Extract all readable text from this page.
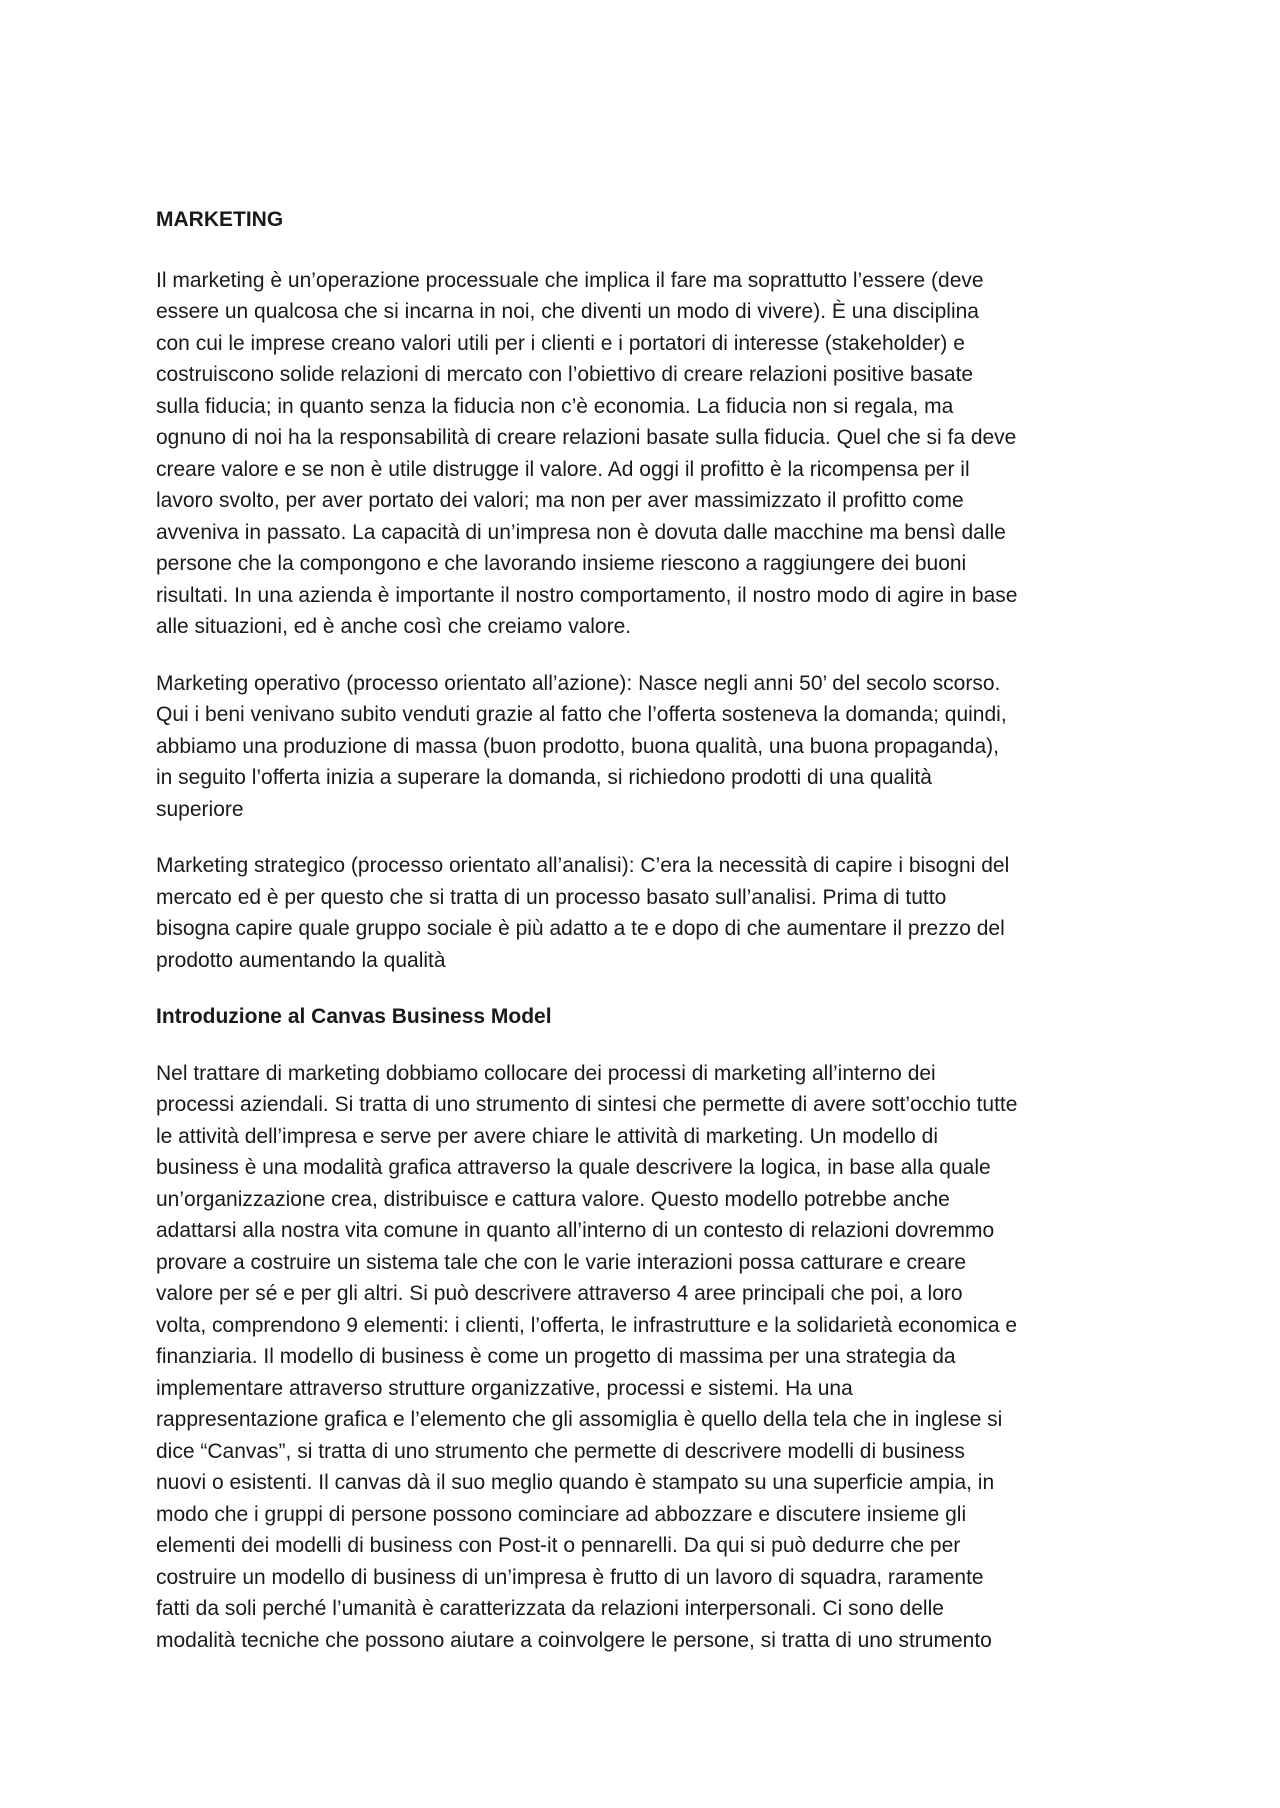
MARKETING
Il marketing è un’operazione processuale che implica il fare ma soprattutto l’essere (deve
essere un qualcosa che si incarna in noi, che diventi un modo di vivere). È una disciplina
con cui le imprese creano valori utili per i clienti e i portatori di interesse (stakeholder) e
costruiscono solide relazioni di mercato con l’obiettivo di creare relazioni positive basate
sulla fiducia; in quanto senza la fiducia non c’è economia. La fiducia non si regala, ma
ognuno di noi ha la responsabilità di creare relazioni basate sulla fiducia. Quel che si fa deve
creare valore e se non è utile distrugge il valore. Ad oggi il profitto è la ricompensa per il
lavoro svolto, per aver portato dei valori; ma non per aver massimizzato il profitto come
avveniva in passato. La capacità di un’impresa non è dovuta dalle macchine ma bensì dalle
persone che la compongono e che lavorando insieme riescono a raggiungere dei buoni
risultati. In una azienda è importante il nostro comportamento, il nostro modo di agire in base
alle situazioni, ed è anche così che creiamo valore.
Marketing operativo (processo orientato all’azione): Nasce negli anni 50’ del secolo scorso.
Qui i beni venivano subito venduti grazie al fatto che l’offerta sosteneva la domanda; quindi,
abbiamo una produzione di massa (buon prodotto, buona qualità, una buona propaganda),
in seguito l’offerta inizia a superare la domanda, si richiedono prodotti di una qualità
superiore
Marketing strategico (processo orientato all’analisi): C’era la necessità di capire i bisogni del
mercato ed è per questo che si tratta di un processo basato sull’analisi. Prima di tutto
bisogna capire quale gruppo sociale è più adatto a te e dopo di che aumentare il prezzo del
prodotto aumentando la qualità
Introduzione al Canvas Business Model
Nel trattare di marketing dobbiamo collocare dei processi di marketing all’interno dei
processi aziendali. Si tratta di uno strumento di sintesi che permette di avere sott’occhio tutte
le attività dell’impresa e serve per avere chiare le attività di marketing. Un modello di
business è una modalità grafica attraverso la quale descrivere la logica, in base alla quale
un’organizzazione crea, distribuisce e cattura valore. Questo modello potrebbe anche
adattarsi alla nostra vita comune in quanto all’interno di un contesto di relazioni dovremmo
provare a costruire un sistema tale che con le varie interazioni possa catturare e creare
valore per sé e per gli altri. Si può descrivere attraverso 4 aree principali che poi, a loro
volta, comprendono 9 elementi: i clienti, l’offerta, le infrastrutture e la solidarietà economica e
finanziaria. Il modello di business è come un progetto di massima per una strategia da
implementare attraverso strutture organizzative, processi e sistemi. Ha una
rappresentazione grafica e l’elemento che gli assomiglia è quello della tela che in inglese si
dice “Canvas”, si tratta di uno strumento che permette di descrivere modelli di business
nuovi o esistenti. Il canvas dà il suo meglio quando è stampato su una superficie ampia, in
modo che i gruppi di persone possono cominciare ad abbozzare e discutere insieme gli
elementi dei modelli di business con Post-it o pennarelli. Da qui si può dedurre che per
costruire un modello di business di un’impresa è frutto di un lavoro di squadra, raramente
fatti da soli perché l’umanità è caratterizzata da relazioni interpersonali. Ci sono delle
modalità tecniche che possono aiutare a coinvolgere le persone, si tratta di uno strumento
